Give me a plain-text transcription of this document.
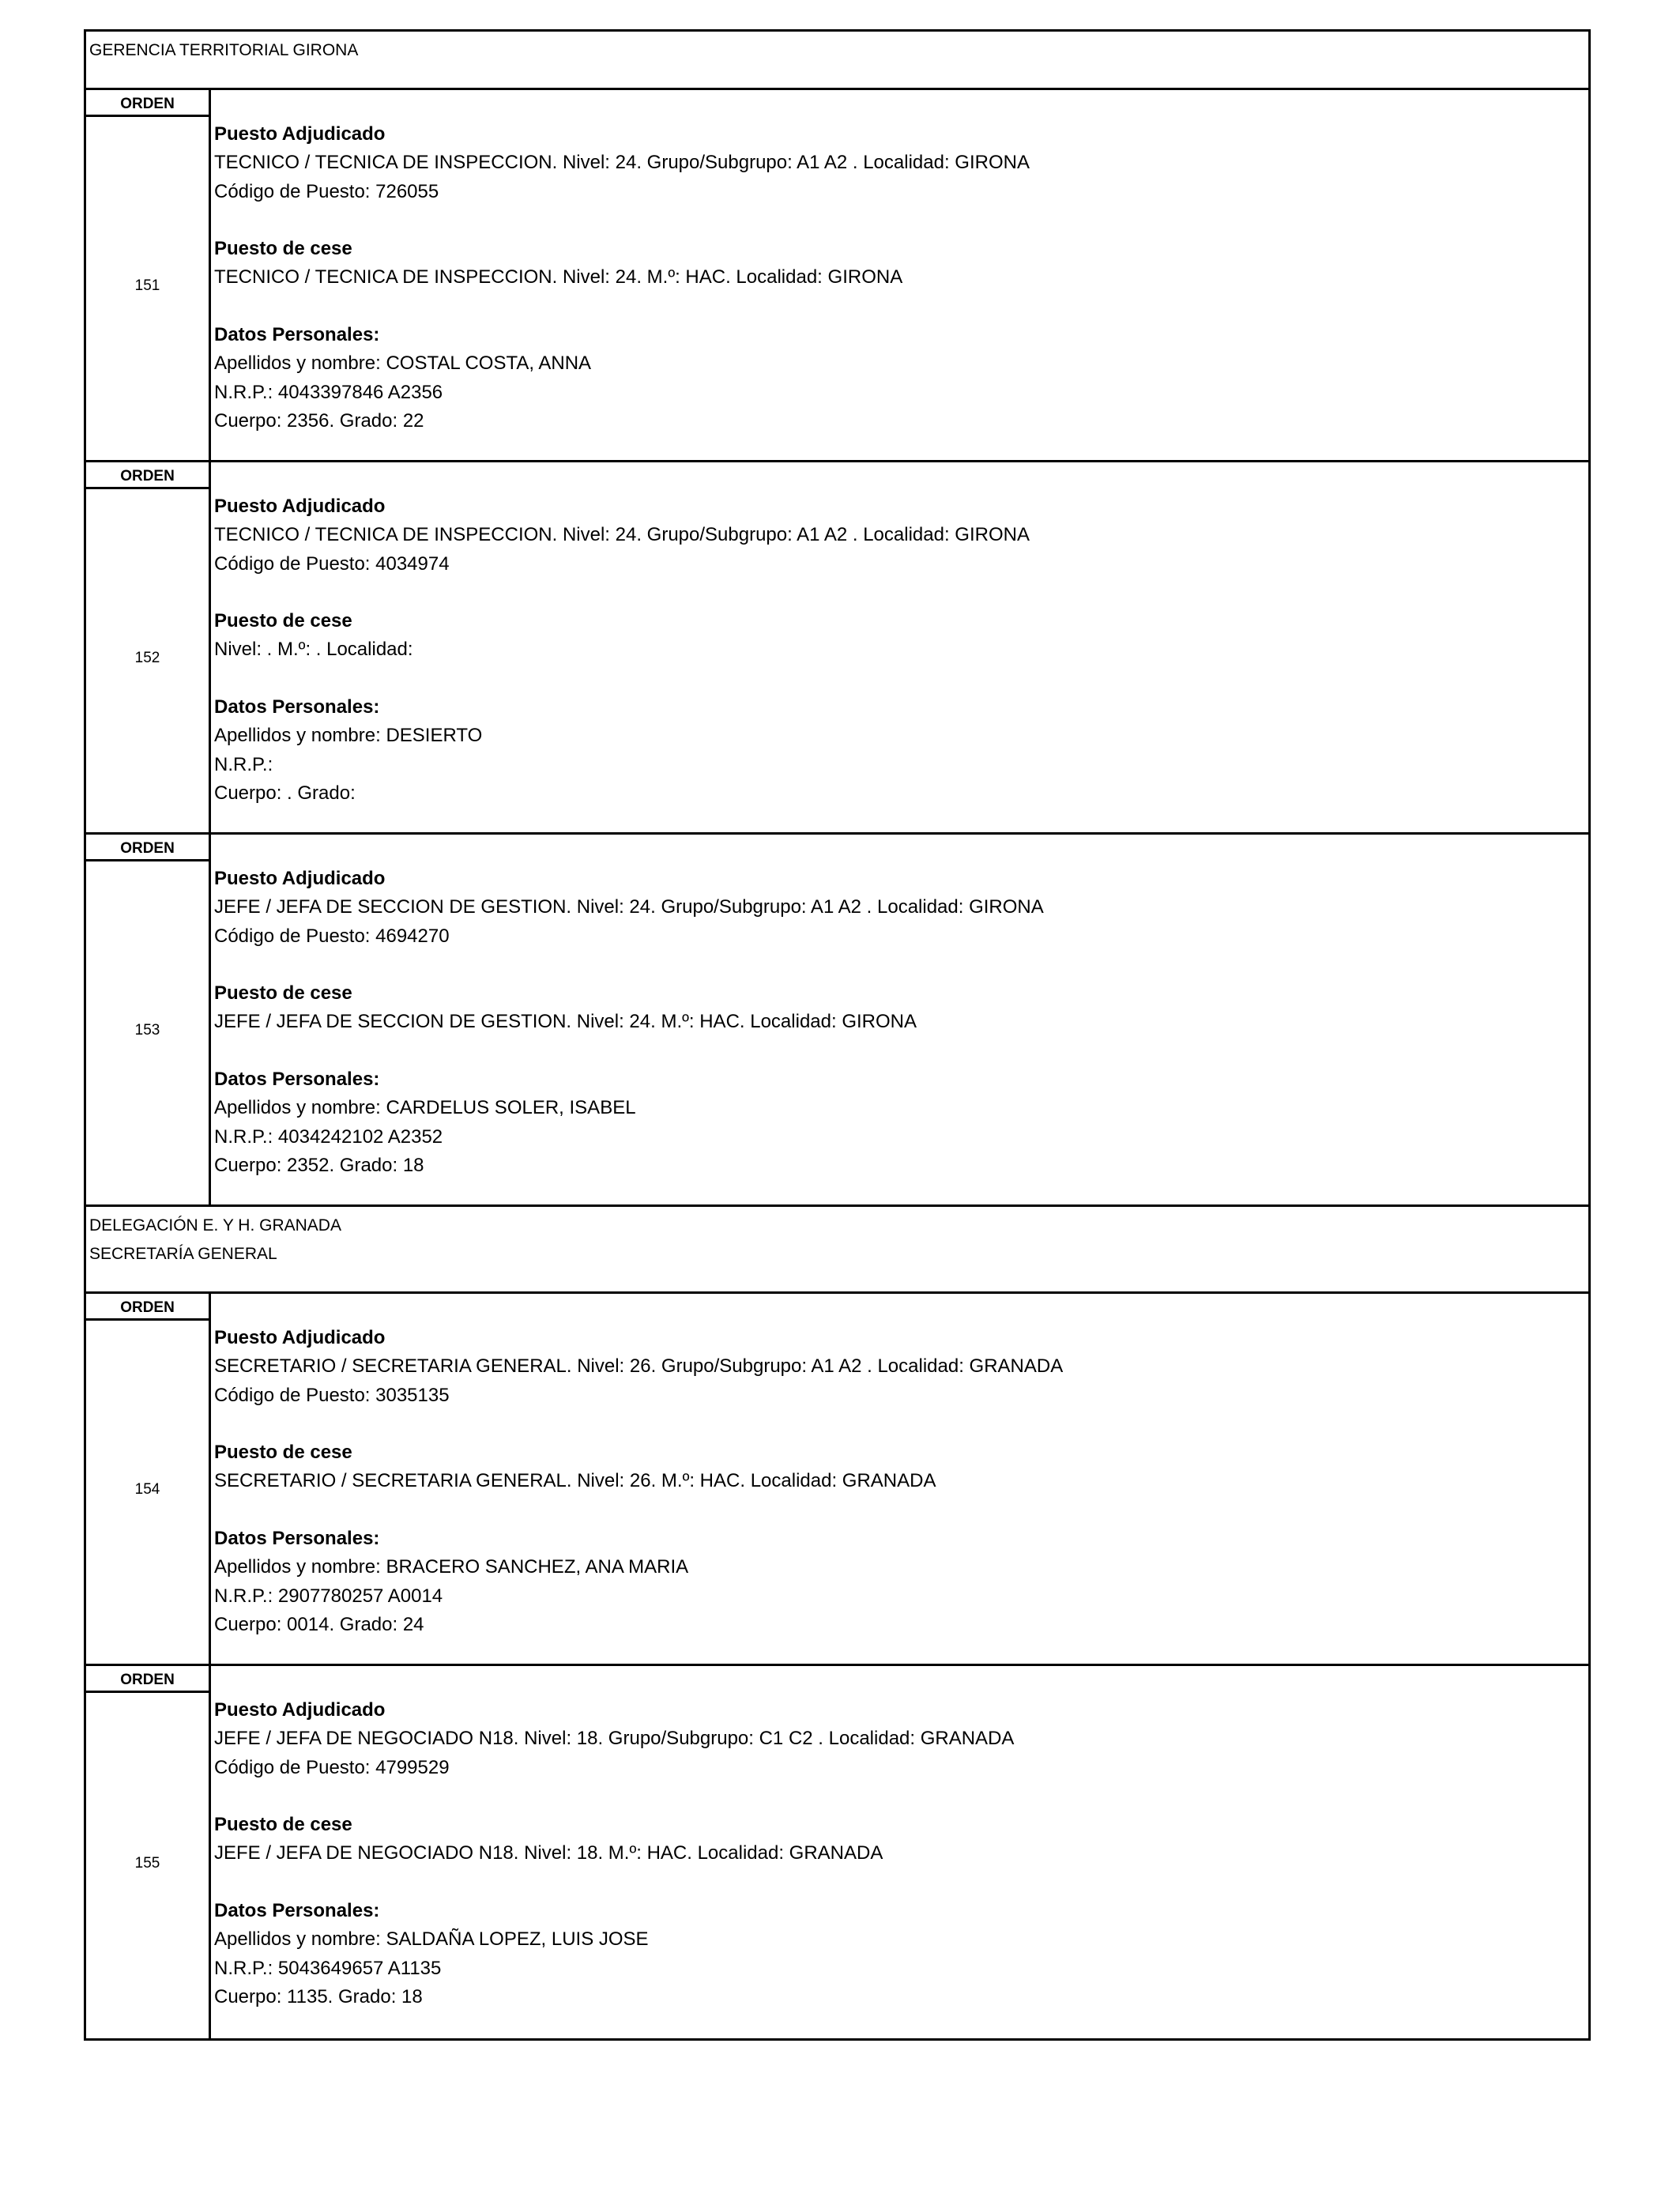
GERENCIA TERRITORIAL GIRONA
ORDEN
151
Puesto Adjudicado
TECNICO / TECNICA DE INSPECCION. Nivel: 24. Grupo/Subgrupo: A1 A2 . Localidad: GIRONA
Código de Puesto: 726055
Puesto de cese
TECNICO / TECNICA DE INSPECCION. Nivel: 24. M.º: HAC. Localidad: GIRONA
Datos Personales:
Apellidos y nombre: COSTAL COSTA, ANNA
N.R.P.: 4043397846 A2356
Cuerpo: 2356. Grado: 22
ORDEN
152
Puesto Adjudicado
TECNICO / TECNICA DE INSPECCION. Nivel: 24. Grupo/Subgrupo: A1 A2 . Localidad: GIRONA
Código de Puesto: 4034974
Puesto de cese
Nivel: . M.º: . Localidad:
Datos Personales:
Apellidos y nombre: DESIERTO
N.R.P.:
Cuerpo: . Grado:
ORDEN
153
Puesto Adjudicado
JEFE / JEFA DE SECCION DE GESTION. Nivel: 24. Grupo/Subgrupo: A1 A2 . Localidad: GIRONA
Código de Puesto: 4694270
Puesto de cese
JEFE / JEFA DE SECCION DE GESTION. Nivel: 24. M.º: HAC. Localidad: GIRONA
Datos Personales:
Apellidos y nombre: CARDELUS SOLER, ISABEL
N.R.P.: 4034242102 A2352
Cuerpo: 2352. Grado: 18
DELEGACIÓN E. Y H. GRANADA
SECRETARÍA GENERAL
ORDEN
154
Puesto Adjudicado
SECRETARIO / SECRETARIA GENERAL. Nivel: 26. Grupo/Subgrupo: A1 A2 . Localidad: GRANADA
Código de Puesto: 3035135
Puesto de cese
SECRETARIO / SECRETARIA GENERAL. Nivel: 26. M.º: HAC. Localidad: GRANADA
Datos Personales:
Apellidos y nombre: BRACERO SANCHEZ, ANA MARIA
N.R.P.: 2907780257 A0014
Cuerpo: 0014. Grado: 24
ORDEN
155
Puesto Adjudicado
JEFE / JEFA DE NEGOCIADO N18. Nivel: 18. Grupo/Subgrupo: C1 C2 . Localidad: GRANADA
Código de Puesto: 4799529
Puesto de cese
JEFE / JEFA DE NEGOCIADO N18. Nivel: 18. M.º: HAC. Localidad: GRANADA
Datos Personales:
Apellidos y nombre: SALDAÑA LOPEZ, LUIS JOSE
N.R.P.: 5043649657 A1135
Cuerpo: 1135. Grado: 18
